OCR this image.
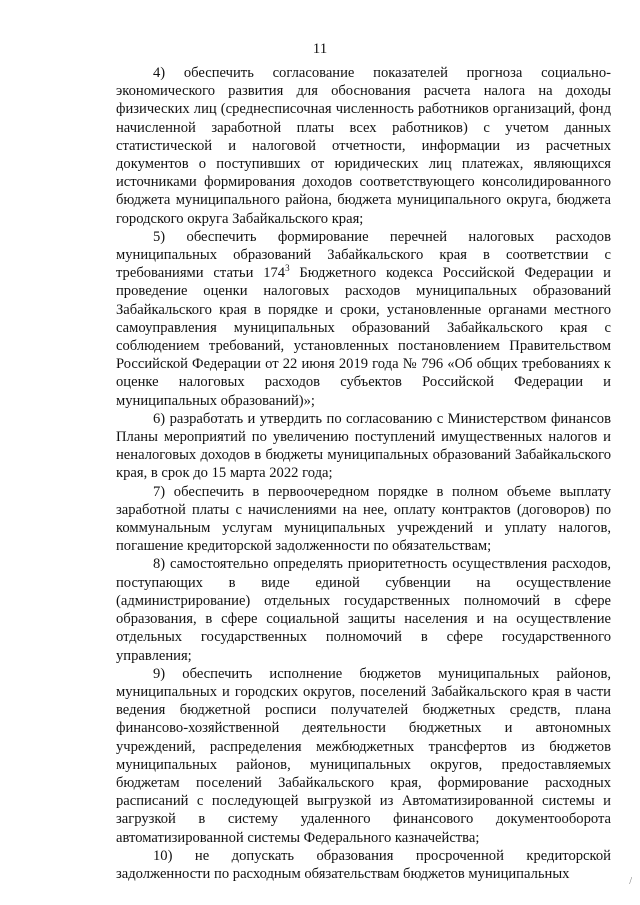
11

4) обеспечить согласование показателей прогноза социально-экономического развития для обоснования расчета налога на доходы физических лиц (среднесписочная численность работников организаций, фонд начисленной заработной платы всех работников) с учетом данных статистической и налоговой отчетности, информации из расчетных документов о поступивших от юридических лиц платежах, являющихся источниками формирования доходов соответствующего консолидированного бюджета муниципального района, бюджета муниципального округа, бюджета городского округа Забайкальского края;

5) обеспечить формирование перечней налоговых расходов муниципальных образований Забайкальского края в соответствии с требованиями статьи $174^3$ Бюджетного кодекса Российской Федерации и проведение оценки налоговых расходов муниципальных образований Забайкальского края в порядке и сроки, установленные органами местного самоуправления муниципальных образований Забайкальского края с соблюдением требований, установленных постановлением Правительством Российской Федерации от 22 июня 2019 года № 796 «Об общих требованиях к оценке налоговых расходов субъектов Российской Федерации и муниципальных образований)»;

6) разработать и утвердить по согласованию с Министерством финансов Планы мероприятий по увеличению поступлений имущественных налогов и неналоговых доходов в бюджеты муниципальных образований Забайкальского края, в срок до 15 марта 2022 года;

7) обеспечить в первоочередном порядке в полном объеме выплату заработной платы с начислениями на нее, оплату контрактов (договоров) по коммунальным услугам муниципальных учреждений и уплату налогов, погашение кредиторской задолженности по обязательствам;

8) самостоятельно определять приоритетность осуществления расходов, поступающих в виде единой субвенции на осуществление (администрирование) отдельных государственных полномочий в сфере образования, в сфере социальной защиты населения и на осуществление отдельных государственных полномочий в сфере государственного управления;

9) обеспечить исполнение бюджетов муниципальных районов, муниципальных и городских округов, поселений Забайкальского края в части ведения бюджетной росписи получателей бюджетных средств, плана финансово-хозяйственной деятельности бюджетных и автономных учреждений, распределения межбюджетных трансфертов из бюджетов муниципальных районов, муниципальных округов, предоставляемых бюджетам поселений Забайкальского края, формирование расходных расписаний с последующей выгрузкой из Автоматизированной системы и загрузкой в систему удаленного финансового документооборота автоматизированной системы Федерального казначейства;

10) не допускать образования просроченной кредиторской задолженности по расходным обязательствам бюджетов муниципальных	/
